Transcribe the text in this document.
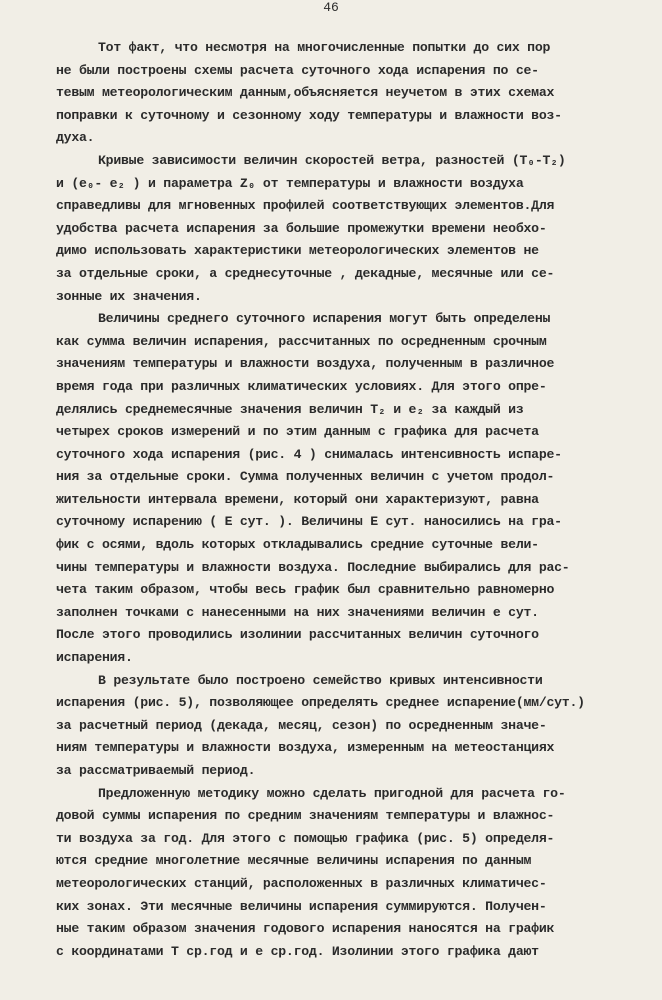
46
Тот факт, что несмотря на многочисленные попытки до сих пор
не были построены схемы расчета суточного хода испарения по се-
тевым метеорологическим данным,объясняется неучетом в этих схемах
поправки к суточному и сезонному ходу температуры и влажности воз-
духа.
Кривые зависимости величин скоростей ветра, разностей (T₀-T₂)
и (e₀- e₂ ) и параметра Z₀ от температуры и влажности воздуха
справедливы для мгновенных профилей соответствующих элементов.Для
удобства расчета испарения за большие промежутки времени необхо-
димо использовать характеристики метеорологических элементов не
за отдельные сроки, а среднесуточные , декадные, месячные или се-
зонные их значения.
Величины среднего суточного испарения могут быть определены
как сумма величин испарения, рассчитанных по осредненным срочным
значениям температуры и влажности воздуха, полученным в различное
время года при различных климатических условиях. Для этого опре-
делялись среднемесячные значения величин T₂ и e₂ за каждый из
четырех сроков измерений и по этим данным с графика для расчета
суточного хода испарения (рис. 4 ) снималась интенсивность испаре-
ния за отдельные сроки. Сумма полученных величин с учетом продол-
жительности интервала времени, который они характеризуют, равна
суточному испарению ( E сут. ). Величины E сут. наносились на гра-
фик с осями, вдоль которых откладывались средние суточные вели-
чины температуры и влажности воздуха. Последние выбирались для рас-
чета таким образом, чтобы весь график был сравнительно равномерно
заполнен точками с нанесенными на них значениями величин e сут.
После этого проводились изолинии рассчитанных величин суточного
испарения.
В результате было построено семейство кривых интенсивности
испарения (рис. 5), позволяющее определять среднее испарение(мм/сут.)
за расчетный период (декада, месяц, сезон) по осредненным значе-
ниям температуры и влажности воздуха, измеренным на метеостанциях
за рассматриваемый период.
Предложенную методику можно сделать пригодной для расчета го-
довой суммы испарения по средним значениям температуры и влажнос-
ти воздуха за год. Для этого с помощью графика (рис. 5) определя-
ются средние многолетние месячные величины испарения по данным
метеорологических станций, расположенных в различных климатичес-
ких зонах. Эти месячные величины испарения суммируются. Получен-
ные таким образом значения годового испарения наносятся на график
с координатами T ср.год и e ср.год. Изолинии этого графика дают
